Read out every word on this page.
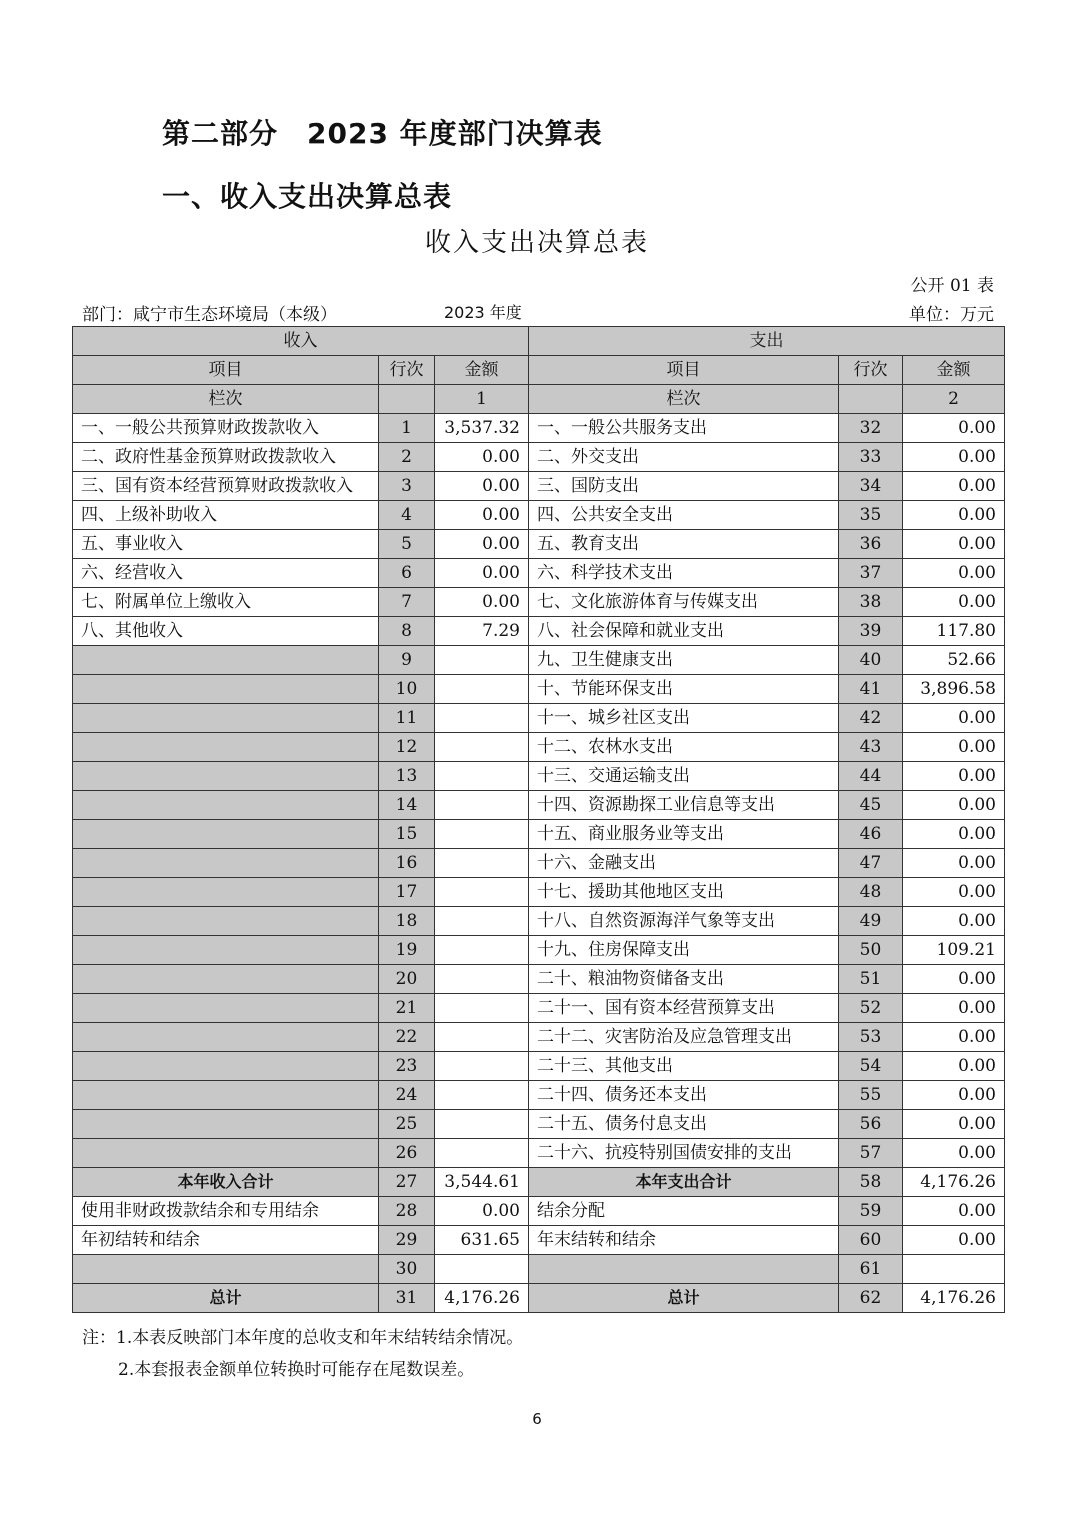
第二部分　2023 年度部门决算表
一、收入支出决算总表
收入支出决算总表
公开 01 表
部门：咸宁市生态环境局（本级）	2023 年度	单位：万元
收入			支出		
项目	行次	金额	项目	行次	金额
栏次		1	栏次		2
一、一般公共预算财政拨款收入	1	3,537.32	一、一般公共服务支出	32	0.00
二、政府性基金预算财政拨款收入	2	0.00	二、外交支出	33	0.00
三、国有资本经营预算财政拨款收入	3	0.00	三、国防支出	34	0.00
四、上级补助收入	4	0.00	四、公共安全支出	35	0.00
五、事业收入	5	0.00	五、教育支出	36	0.00
六、经营收入	6	0.00	六、科学技术支出	37	0.00
七、附属单位上缴收入	7	0.00	七、文化旅游体育与传媒支出	38	0.00
八、其他收入	8	7.29	八、社会保障和就业支出	39	117.80
	9		九、卫生健康支出	40	52.66
	10		十、节能环保支出	41	3,896.58
	11		十一、城乡社区支出	42	0.00
	12		十二、农林水支出	43	0.00
	13		十三、交通运输支出	44	0.00
	14		十四、资源勘探工业信息等支出	45	0.00
	15		十五、商业服务业等支出	46	0.00
	16		十六、金融支出	47	0.00
	17		十七、援助其他地区支出	48	0.00
	18		十八、自然资源海洋气象等支出	49	0.00
	19		十九、住房保障支出	50	109.21
	20		二十、粮油物资储备支出	51	0.00
	21		二十一、国有资本经营预算支出	52	0.00
	22		二十二、灾害防治及应急管理支出	53	0.00
	23		二十三、其他支出	54	0.00
	24		二十四、债务还本支出	55	0.00
	25		二十五、债务付息支出	56	0.00
	26		二十六、抗疫特别国债安排的支出	57	0.00
本年收入合计	27	3,544.61	本年支出合计	58	4,176.26
使用非财政拨款结余和专用结余	28	0.00	结余分配	59	0.00
年初结转和结余	29	631.65	年末结转和结余	60	0.00
	30			61	
总计	31	4,176.26	总计	62	4,176.26
注：1.本表反映部门本年度的总收支和年末结转结余情况。
2.本套报表金额单位转换时可能存在尾数误差。
6
